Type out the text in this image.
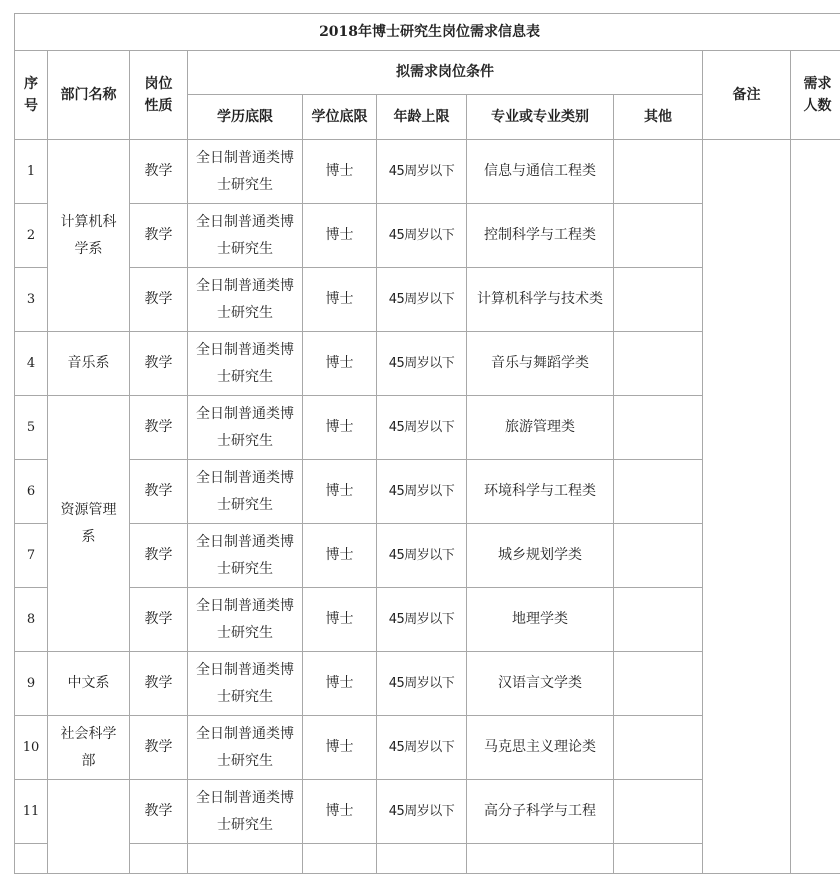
2018年博士研究生岗位需求信息表									
序号	部门名称	岗位性质	拟需求岗位条件					备注	需求人数
			学历底限	学位底限	年龄上限	专业或专业类别	其他		
1	计算机科学系	教学	全日制普通类博士研究生	博士	45周岁以下	信息与通信工程类			
2		教学	全日制普通类博士研究生	博士	45周岁以下	控制科学与工程类			
3		教学	全日制普通类博士研究生	博士	45周岁以下	计算机科学与技术类			
4	音乐系	教学	全日制普通类博士研究生	博士	45周岁以下	音乐与舞蹈学类			
5	资源管理系	教学	全日制普通类博士研究生	博士	45周岁以下	旅游管理类			
6		教学	全日制普通类博士研究生	博士	45周岁以下	环境科学与工程类			
7		教学	全日制普通类博士研究生	博士	45周岁以下	城乡规划学类			
8		教学	全日制普通类博士研究生	博士	45周岁以下	地理学类			
9	中文系	教学	全日制普通类博士研究生	博士	45周岁以下	汉语言文学类			
10	社会科学部	教学	全日制普通类博士研究生	博士	45周岁以下	马克思主义理论类			
11		教学	全日制普通类博士研究生	博士	45周岁以下	高分子科学与工程			
